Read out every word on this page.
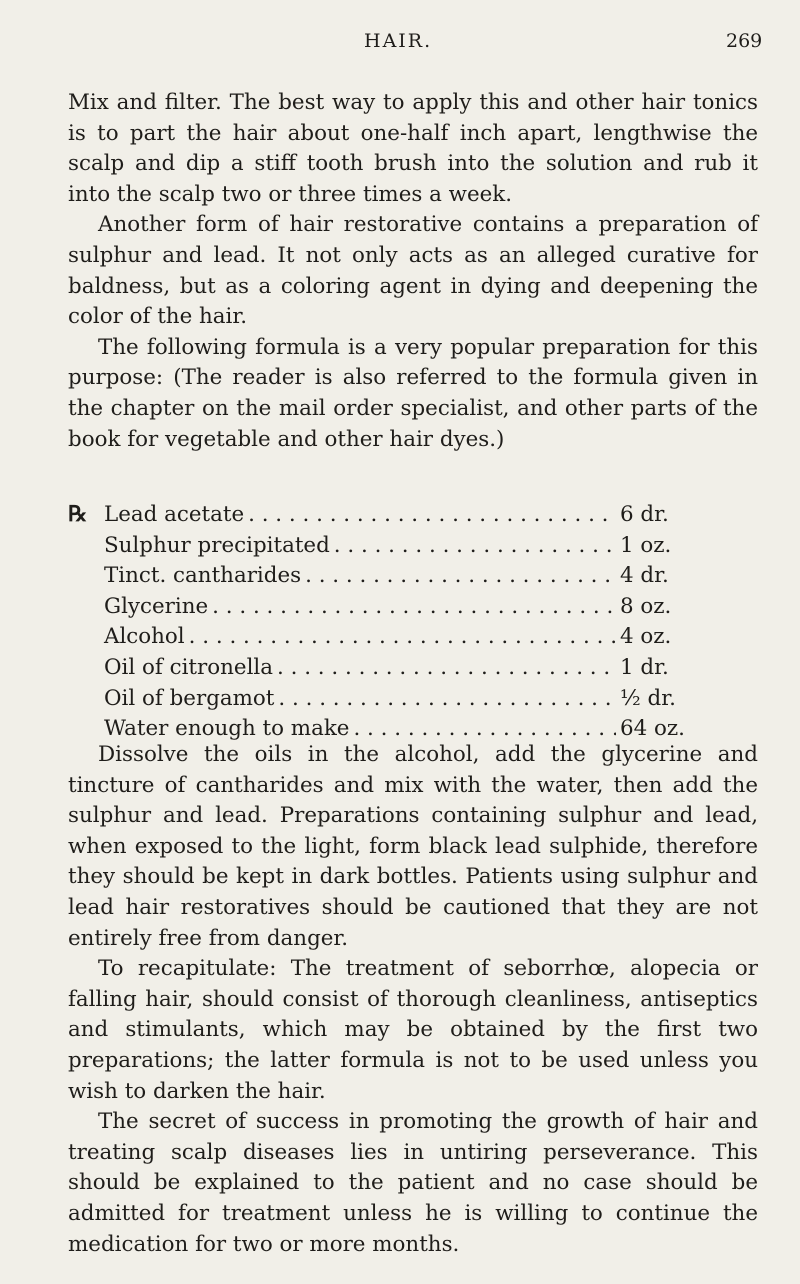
HAIR.	269

Mix and filter. The best way to apply this and other hair tonics is to part the hair about one-half inch apart, lengthwise the scalp and dip a stiff tooth brush into the solution and rub it into the scalp two or three times a week.

Another form of hair restorative contains a preparation of sulphur and lead. It not only acts as an alleged curative for baldness, but as a coloring agent in dying and deepening the color of the hair.

The following formula is a very popular preparation for this purpose: (The reader is also referred to the formula given in the chapter on the mail order specialist, and other parts of the book for vegetable and other hair dyes.)

℞ Lead acetate . . .	6 dr.
Sulphur precipitated . . .	1 oz.
Tinct. cantharides . . .	4 dr.
Glycerine . . .	8 oz.
Alcohol . . .	4 oz.
Oil of citronella . . .	1 dr.
Oil of bergamot . . .	½ dr.
Water enough to make . . .	64 oz.

Dissolve the oils in the alcohol, add the glycerine and tincture of cantharides and mix with the water, then add the sulphur and lead. Preparations containing sulphur and lead, when exposed to the light, form black lead sulphide, therefore they should be kept in dark bottles. Patients using sulphur and lead hair restoratives should be cautioned that they are not entirely free from danger.

To recapitulate: The treatment of seborrhœ, alopecia or falling hair, should consist of thorough cleanliness, antiseptics and stimulants, which may be obtained by the first two preparations; the latter formula is not to be used unless you wish to darken the hair.

The secret of success in promoting the growth of hair and treating scalp diseases lies in untiring perseverance. This should be explained to the patient and no case should be admitted for treatment unless he is willing to continue the medication for two or more months.
